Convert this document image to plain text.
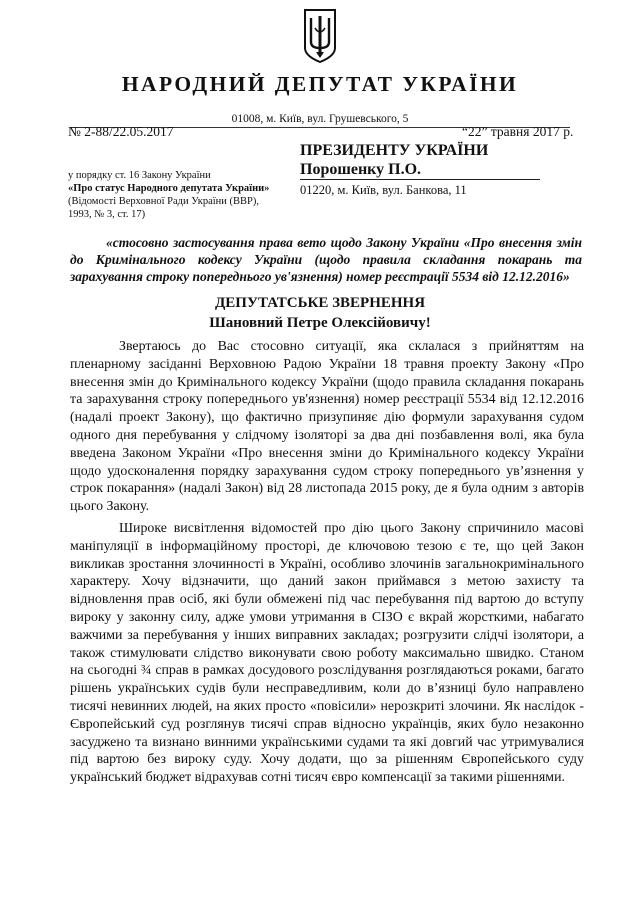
НАРОДНИЙ ДЕПУТАТ УКРАЇНИ
01008, м. Київ, вул. Грушевського, 5
№ 2-88/22.05.2017	“22” травня 2017 р.
ПРЕЗИДЕНТУ УКРАЇНИ
Порошенку П.О.
01220, м. Київ, вул. Банкова, 11
у порядку ст. 16 Закону України
«Про статус Народного депутата України»
(Відомості Верховної Ради України (ВВР),
1993, № 3, ст. 17)
«стосовно застосування права вето щодо Закону України «Про внесення змін до Кримінального кодексу України (щодо правила складання покарань та зарахування строку попереднього ув'язнення) номер реєстрації 5534 від 12.12.2016»
ДЕПУТАТСЬКЕ ЗВЕРНЕННЯ
Шановний Петре Олексійовичу!

Звертаюсь до Вас стосовно ситуації, яка склалася з прийняттям на пленарному засіданні Верховною Радою України 18 травня проекту Закону «Про внесення змін до Кримінального кодексу України (щодо правила складання покарань та зарахування строку попереднього ув'язнення) номер реєстрації 5534 від 12.12.2016 (надалі проект Закону), що фактично призупиняє дію формули зарахування судом одного дня перебування у слідчому ізоляторі за два дні позбавлення волі, яка була введена Законом України «Про внесення зміни до Кримінального кодексу України щодо удосконалення порядку зарахування судом строку попереднього ув’язнення у строк покарання» (надалі Закон) від 28 листопада 2015 року, де я була одним з авторів цього Закону.

Широке висвітлення відомостей про дію цього Закону спричинило масові маніпуляції в інформаційному просторі, де ключовою тезою є те, що цей Закон викликав зростання злочинності в Україні, особливо злочинів загальнокримінального характеру. Хочу відзначити, що даний закон приймався з метою захисту та відновлення прав осіб, які були обмежені під час перебування під вартою до вступу вироку у законну силу, адже умови утримання в СІЗО є вкрай жорсткими, набагато важчими за перебування у інших виправних закладах; розгрузити слідчі ізолятори, а також стимулювати слідство виконувати свою роботу максимально швидко. Станом на сьогодні ¾ справ в рамках досудового розслідування розглядаються роками, багато рішень українських судів були несправедливим, коли до в’язниці було направлено тисячі невинних людей, на яких просто «повісили» нерозкриті злочини. Як наслідок - Європейський суд розглянув тисячі справ відносно українців, яких було незаконно засуджено та визнано винними українськими судами та які довгий час утримувалися під вартою без вироку суду. Хочу додати, що за рішенням Європейського суду український бюджет відрахував сотні тисяч євро компенсації за такими рішеннями.
